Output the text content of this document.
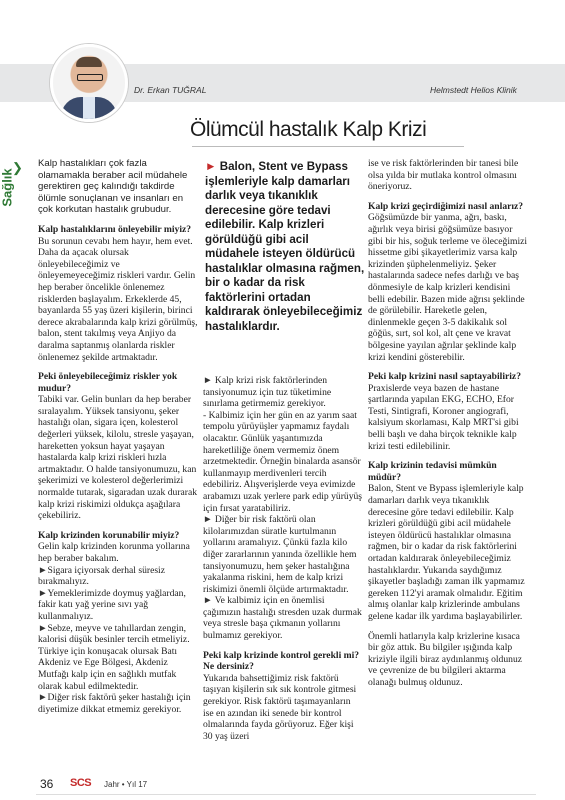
Dr. Erkan TUĞRAL	Helmstedt Helios Klinik
Ölümcül hastalık Kalp Krizi
❯
Sağlık

Kalp hastalıkları çok fazla olamamakla beraber acil müdahele gerektiren geç kalındığı takdirde ölümle sonuçlanan ve insanları en çok korkutan hastalık grubudur.

Kalp hastalıklarını önleyebilir miyiz?

Bu sorunun cevabı hem hayır, hem evet. Daha da açacak olursak önleyebileceğimiz ve önleyemeyeceğimiz riskleri vardır. Gelin hep beraber öncelikle önlenemez risklerden başlayalım. Erkeklerde 45, bayanlarda 55 yaş üzeri kişilerin, birinci derece akrabalarında kalp krizi görülmüş, balon, stent takılmış veya Anjiyo da daralma saptanmış olanlarda riskler önlenemez şekilde artmaktadır.

Peki önleyebileceğimiz riskler yok mudur?

Tabiki var. Gelin bunları da hep beraber sıralayalım. Yüksek tansiyonu, şeker hastalığı olan, sigara içen, kolesterol değerleri yüksek, kilolu, stresle yaşayan, hareketten yoksun hayat yaşayan hastalarda kalp krizi riskleri hızla artmaktadır. O halde tansiyonumuzu, kan şekerimizi ve kolesterol değerlerimizi normalde tutarak, sigaradan uzak durarak kalp krizi riskimizi oldukça aşağılara çekebiliriz.

Kalp krizinden korunabilir miyiz?

Gelin kalp krizinden korunma yollarına hep beraber bakalım.

►Sigara içiyorsak derhal süresiz bırakmalıyız.

►Yemeklerimizde doymuş yağlardan, fakir katı yağ yerine sıvı yağ kullanmalıyız.

►Sebze, meyve ve tahıllardan zengin, kalorisi düşük besinler tercih etmeliyiz. Türkiye için konuşacak olursak Batı Akdeniz ve Ege Bölgesi, Akdeniz Mutfağı kalp için en sağlıklı mutfak olarak kabul edilmektedir.

►Diğer risk faktörü şeker hastalığı için diyetimize dikkat etmemiz gerekiyor.

► Balon, Stent ve Bypass işlemleriyle kalp damarları darlık veya tıkanıklık derecesine göre tedavi edilebilir. Kalp krizleri görüldüğü gibi acil müdahele isteyen öldürücü hastalıklar olmasına rağmen, bir o kadar da risk faktörlerini ortadan kaldırarak önleyebileceğimiz hastalıklardır.

► Kalp krizi risk faktörlerinden tansiyonumuz için tuz tüketimine sınırlama getirmemiz gerekiyor.

- Kalbimiz için her gün en az yarım saat tempolu yürüyüşler yapmamız faydalı olacaktır. Günlük yaşantımızda hareketliliğe önem vermemiz önem arzetmektedir. Örneğin binalarda asansör kullanmayıp merdivenleri tercih edebiliriz. Alışverişlerde veya evimizde arabamızı uzak yerlere park edip yürüyüş için fırsat yaratabiliriz.

► Diğer bir risk faktörü olan kilolarımızdan süratle kurtulmanın yollarını aramalıyız. Çünkü fazla kilo diğer zararlarının yanında özellikle hem tansiyonumuzu, hem şeker hastalığına yakalanma riskini, hem de kalp krizi riskimizi önemli ölçüde artırmaktadır.

► Ve kalbimiz için en önemlisi çağımızın hastalığı stresden uzak durmak veya stresle başa çıkmanın yollarını bulmamız gerekiyor.

Peki kalp krizinde kontrol gerekli mi? Ne dersiniz?

Yukarıda bahsettiğimiz risk faktörü taşıyan kişilerin sık sık kontrole gitmesi gerekiyor. Risk faktörü taşımayanların ise en azından iki senede bir kontrol olmalarında fayda görüyoruz. Eğer kişi 30 yaş üzeri

ise ve risk faktörlerinden bir tanesi bile olsa yılda bir mutlaka kontrol olmasını öneriyoruz.

Kalp krizi geçirdiğimizi nasıl anlarız?

Göğsümüzde bir yanma, ağrı, baskı, ağırlık veya birisi göğsümüze basıyor gibi bir his, soğuk terleme ve öleceğimizi hissetme gibi şikayetlerimiz varsa kalp krizinden şüphelenmeliyiz. Şeker hastalarında sadece nefes darlığı ve baş dönmesiyle de kalp krizleri kendisini belli edebilir. Bazen mide ağrısı şeklinde de görülebilir. Hareketle gelen, dinlenmekle geçen 3-5 dakikalık sol göğüs, sırt, sol kol, alt çene ve kravat bölgesine yayılan ağrılar şeklinde kalp krizi kendini gösterebilir.

Peki kalp krizini nasıl saptayabiliriz?

Praxislerde veya bazen de hastane şartlarında yapılan EKG, ECHO, Efor Testi, Sintigrafi, Koroner angiografi, kalsiyum skorlaması, Kalp MRT'si gibi belli başlı ve daha birçok teknikle kalp krizi testi edilebilinir.

Kalp krizinin tedavisi mümkün müdür?

Balon, Stent ve Bypass işlemleriyle kalp damarları darlık veya tıkanıklık derecesine göre tedavi edilebilir. Kalp krizleri görüldüğü gibi acil müdahele isteyen öldürücü hastalıklar olmasına rağmen, bir o kadar da risk faktörlerini ortadan kaldırarak önleyebileceğimiz hastalıklardır. Yukarıda saydığımız şikayetler başladığı zaman ilk yapmamız gereken 112'yi aramak olmalıdır. Eğitim almış olanlar kalp krizlerinde ambulans gelene kadar ilk yardıma başlayabilirler.

Önemli hatlarıyla kalp krizlerine kısaca bir göz attık. Bu bilgiler ışığında kalp kriziyle ilgili biraz aydınlanmış oldunuz ve çevrenize de bu bilgileri aktarma olanağı bulmuş oldunuz.

36 SCS Jahr • Yıl 17
